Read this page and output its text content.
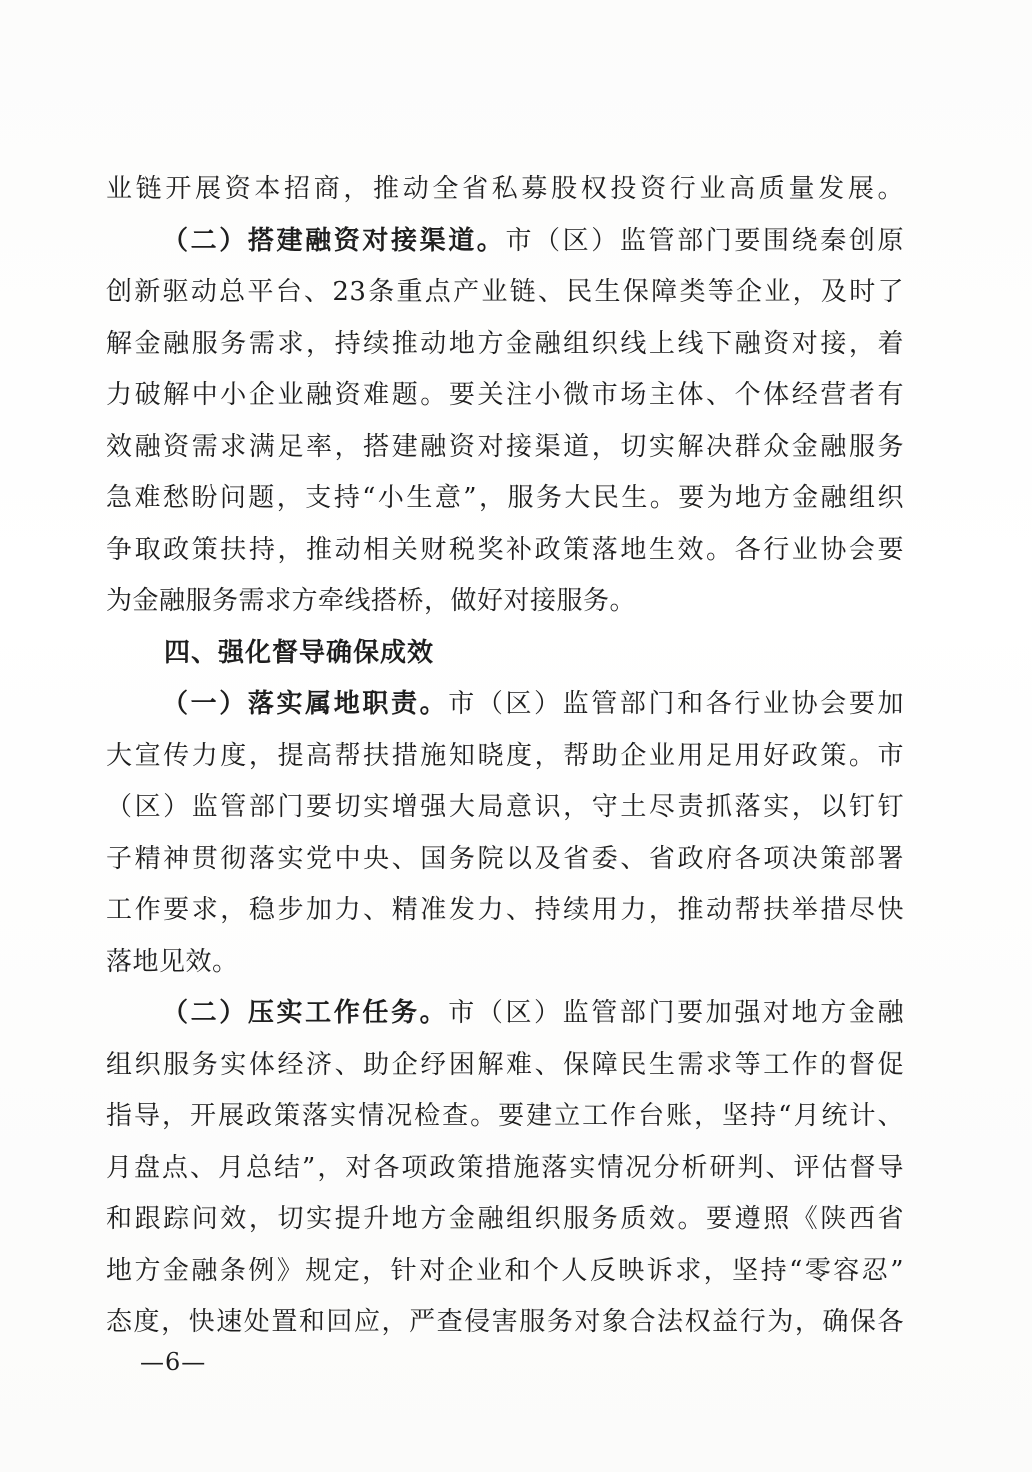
业链开展资本招商，推动全省私募股权投资行业高质量发展。

（二）搭建融资对接渠道。市（区）监管部门要围绕秦创原

创新驱动总平台、23条重点产业链、民生保障类等企业，及时了

解金融服务需求，持续推动地方金融组织线上线下融资对接，着

力破解中小企业融资难题。要关注小微市场主体、个体经营者有

效融资需求满足率，搭建融资对接渠道，切实解决群众金融服务

急难愁盼问题，支持“小生意”，服务大民生。要为地方金融组织

争取政策扶持，推动相关财税奖补政策落地生效。各行业协会要

为金融服务需求方牵线搭桥，做好对接服务。

四、强化督导确保成效

（一）落实属地职责。市（区）监管部门和各行业协会要加

大宣传力度，提高帮扶措施知晓度，帮助企业用足用好政策。市

（区）监管部门要切实增强大局意识，守土尽责抓落实，以钉钉

子精神贯彻落实党中央、国务院以及省委、省政府各项决策部署

工作要求，稳步加力、精准发力、持续用力，推动帮扶举措尽快

落地见效。

（二）压实工作任务。市（区）监管部门要加强对地方金融

组织服务实体经济、助企纾困解难、保障民生需求等工作的督促

指导，开展政策落实情况检查。要建立工作台账，坚持“月统计、

月盘点、月总结”，对各项政策措施落实情况分析研判、评估督导

和跟踪问效，切实提升地方金融组织服务质效。要遵照《陕西省

地方金融条例》规定，针对企业和个人反映诉求，坚持“零容忍”

态度，快速处置和回应，严查侵害服务对象合法权益行为，确保各

—6—
